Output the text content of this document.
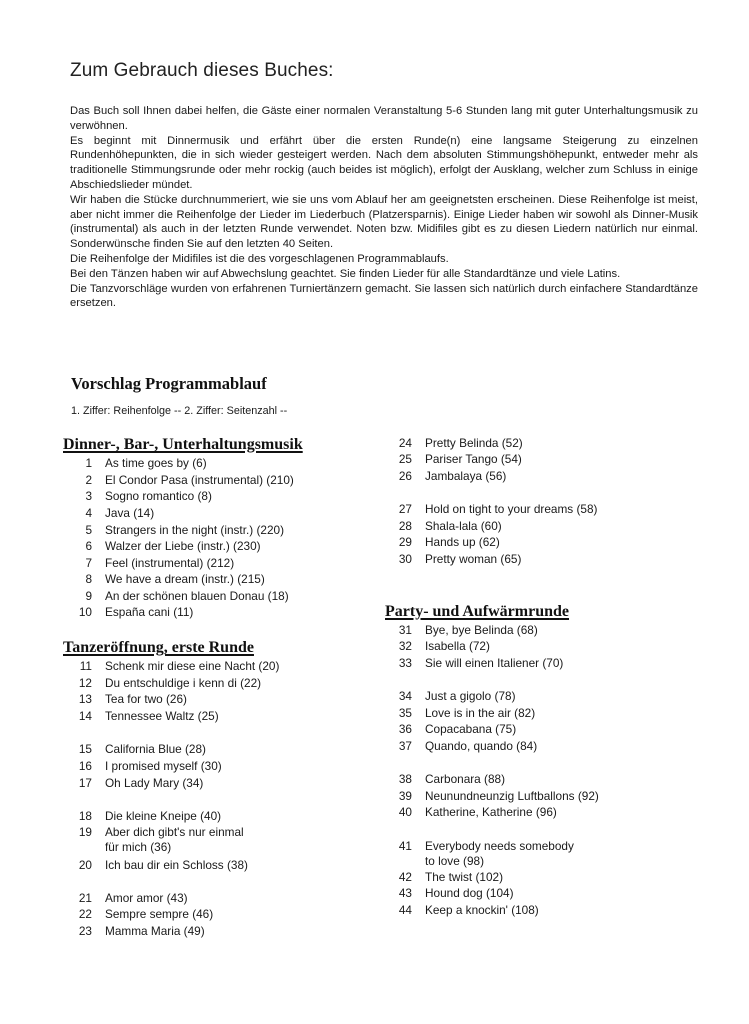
Zum Gebrauch dieses Buches:

Das Buch soll Ihnen dabei helfen, die Gäste einer normalen Veranstaltung 5-6 Stunden lang mit guter Unterhaltungsmusik zu verwöhnen.

Es beginnt mit Dinnermusik und erfährt über die ersten Runde(n) eine langsame Steigerung zu einzelnen Rundenhöhepunkten, die in sich wieder gesteigert werden. Nach dem absoluten Stimmungshöhepunkt, entweder mehr als traditionelle Stimmungsrunde oder mehr rockig (auch beides ist möglich), erfolgt der Ausklang, welcher zum Schluss in einige Abschiedslieder mündet.

Wir haben die Stücke durchnummeriert, wie sie uns vom Ablauf her am geeignetsten erscheinen. Diese Reihenfolge ist meist, aber nicht immer die Reihenfolge der Lieder im Liederbuch (Platzersparnis). Einige Lieder haben wir sowohl als Dinner-Musik (instrumental) als auch in der letzten Runde verwendet. Noten bzw. Midifiles gibt es zu diesen Liedern natürlich nur einmal. Sonderwünsche finden Sie auf den letzten 40 Seiten.

Die Reihenfolge der Midifiles ist die des vorgeschlagenen Programmablaufs.

Bei den Tänzen haben wir auf Abwechslung geachtet. Sie finden Lieder für alle Standardtänze und viele Latins.

Die Tanzvorschläge wurden von erfahrenen Turniertänzern gemacht. Sie lassen sich natürlich durch einfachere Standardtänze ersetzen.

Vorschlag Programmablauf
1. Ziffer: Reihenfolge -- 2. Ziffer: Seitenzahl --
Dinner-, Bar-, Unterhaltungsmusik
Tanzeröffnung, erste Runde
Party- und Aufwärmrunde
1 As time goes by (6)
2 El Condor Pasa (instrumental) (210)
3 Sogno romantico (8)
4 Java (14)
5 Strangers in the night (instr.) (220)
6 Walzer der Liebe (instr.) (230)
7 Feel (instrumental) (212)
8 We have a dream (instr.) (215)
9 An der schönen blauen Donau (18)
10 España cani (11)
11 Schenk mir diese eine Nacht (20)
12 Du entschuldige i kenn di (22)
13 Tea for two (26)
14 Tennessee Waltz (25)
15 California Blue (28)
16 I promised myself (30)
17 Oh Lady Mary (34)
18 Die kleine Kneipe (40)
19 Aber dich gibt's nur einmal
für mich (36)
20 Ich bau dir ein Schloss (38)
21 Amor amor (43)
22 Sempre sempre (46)
23 Mamma Maria (49)
24 Pretty Belinda (52)
25 Pariser Tango (54)
26 Jambalaya (56)
27 Hold on tight to your dreams (58)
28 Shala-lala (60)
29 Hands up (62)
30 Pretty woman (65)
31 Bye, bye Belinda (68)
32 Isabella (72)
33 Sie will einen Italiener (70)
34 Just a gigolo (78)
35 Love is in the air (82)
36 Copacabana (75)
37 Quando, quando (84)
38 Carbonara (88)
39 Neunundneunzig Luftballons (92)
40 Katherine, Katherine (96)
41 Everybody needs somebody
to love (98)
42 The twist (102)
43 Hound dog (104)
44 Keep a knockin' (108)
